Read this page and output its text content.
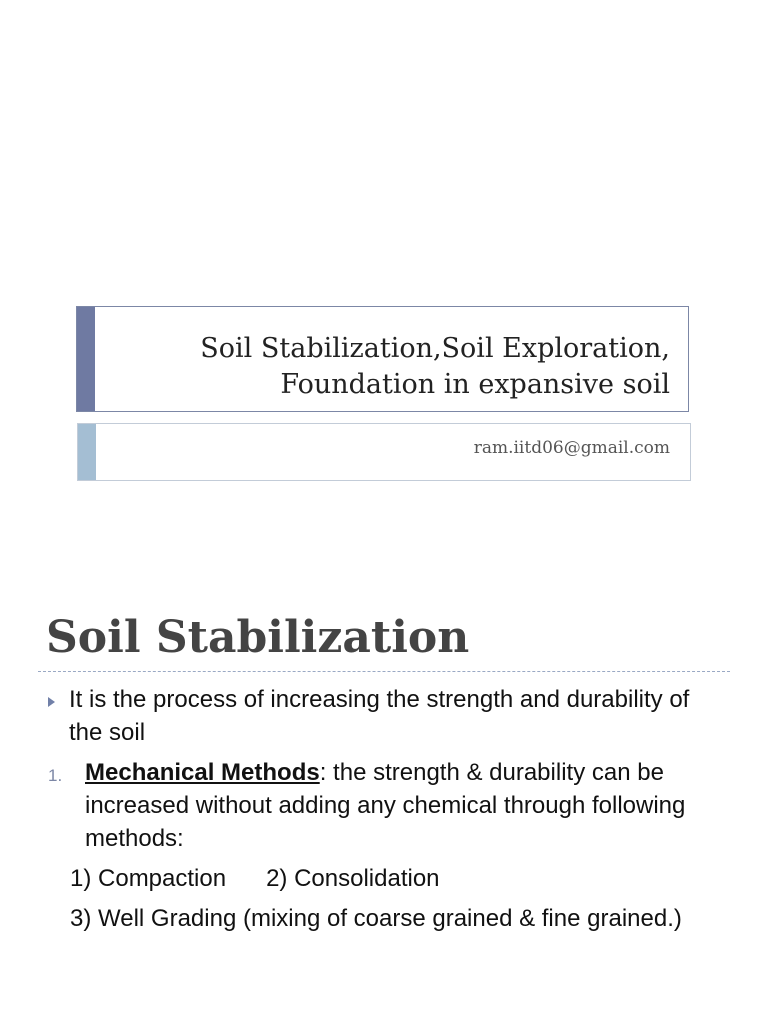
Soil Stabilization,Soil Exploration,
Foundation in expansive soil
ram.iitd06@gmail.com
Soil Stabilization
It is the process of increasing the strength and durability of the soil
1. Mechanical Methods: the strength & durability can be increased without adding any chemical through following methods:
1) Compaction      2) Consolidation
3) Well Grading (mixing of coarse grained & fine grained.)
